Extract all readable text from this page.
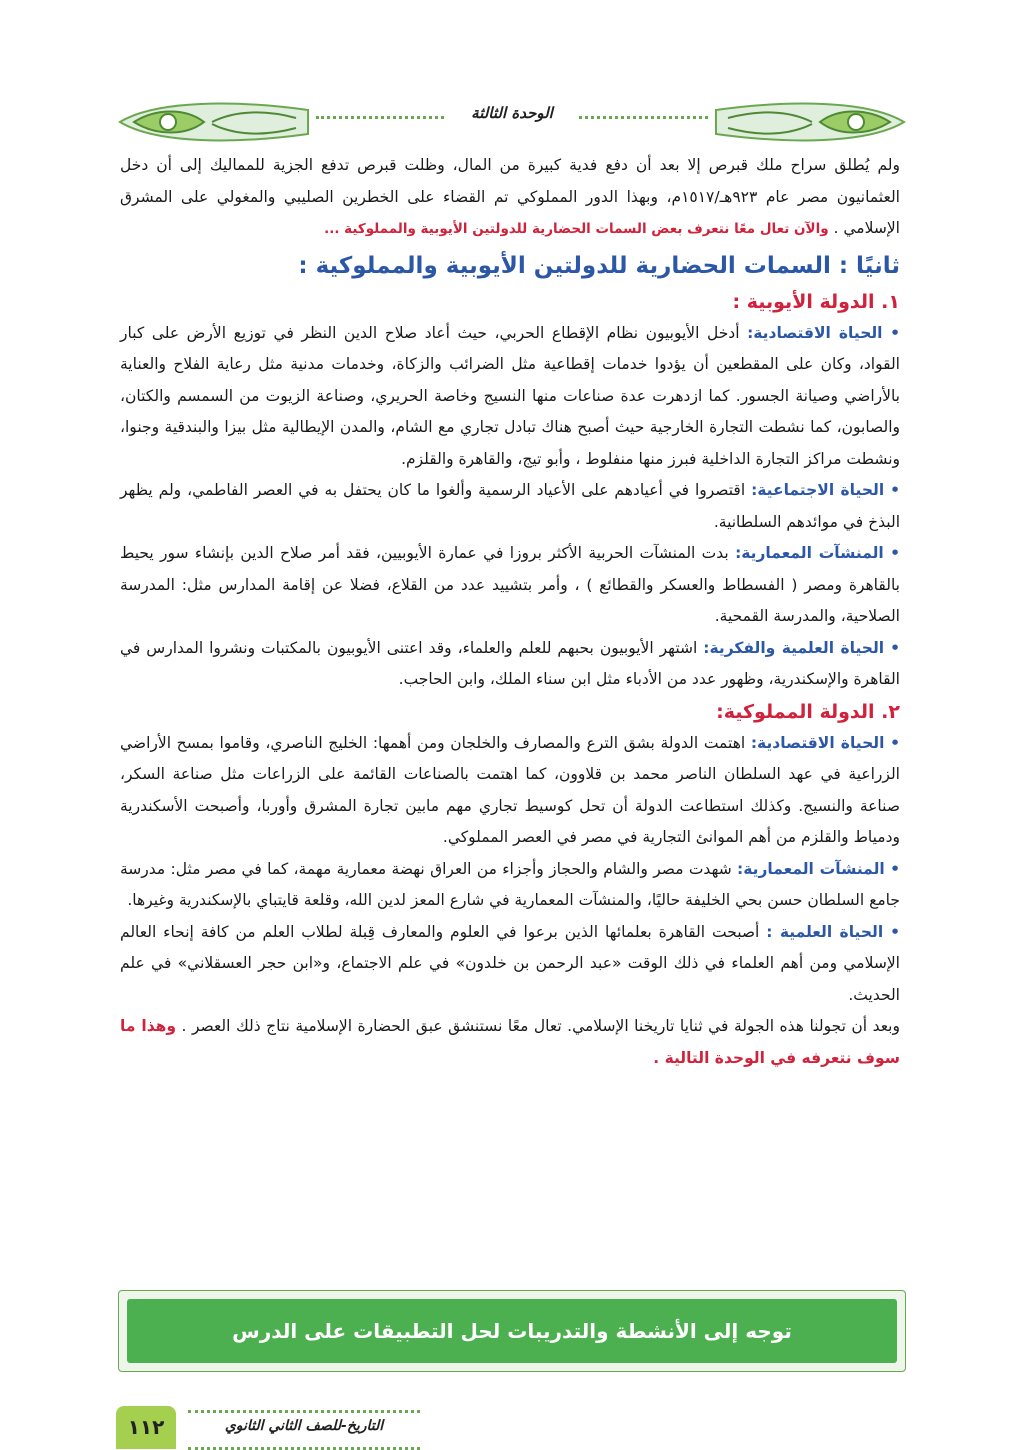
الوحدة الثالثة

ولم يُطلق سراح ملك قبرص إلا بعد أن دفع فدية كبيرة من المال، وظلت قبرص تدفع الجزية للمماليك إلى أن دخل العثمانيون مصر عام ٩٢٣هـ/١٥١٧م، وبهذا الدور المملوكي تم القضاء على الخطرين الصليبي والمغولي على المشرق الإسلامي . والآن تعال معًا نتعرف بعض السمات الحضارية للدولتين الأيوبية والمملوكية ...

ثانيًا : السمات الحضارية للدولتين الأيوبية والمملوكية :
١. الدولة الأيوبية :

• الحياة الاقتصادية: أدخل الأيوبيون نظام الإقطاع الحربي، حيث أعاد صلاح الدين النظر في توزيع الأرض على كبار القواد، وكان على المقطعين أن يؤدوا خدمات إقطاعية مثل الضرائب والزكاة، وخدمات مدنية مثل رعاية الفلاح والعناية بالأراضي وصيانة الجسور. كما ازدهرت عدة صناعات منها النسيج وخاصة الحريري، وصناعة الزيوت من السمسم والكتان، والصابون، كما نشطت التجارة الخارجية حيث أصبح هناك تبادل تجاري مع الشام، والمدن الإيطالية مثل بيزا والبندقية وجنوا، ونشطت مراكز التجارة الداخلية فبرز منها منفلوط ، وأبو تيج، والقاهرة والقلزم.

• الحياة الاجتماعية: اقتصروا في أعيادهم على الأعياد الرسمية وألغوا ما كان يحتفل به في العصر الفاطمي، ولم يظهر البذخ في موائدهم السلطانية.

• المنشآت المعمارية: بدت المنشآت الحربية الأكثر بروزا في عمارة الأيوبيين، فقد أمر صلاح الدين بإنشاء سور يحيط بالقاهرة ومصر ( الفسطاط والعسكر والقطائع ) ، وأمر بتشييد عدد من القلاع، فضلا عن إقامة المدارس مثل: المدرسة الصلاحية، والمدرسة القمحية.

• الحياة العلمية والفكرية: اشتهر الأيوبيون بحبهم للعلم والعلماء، وقد اعتنى الأيوبيون بالمكتبات ونشروا المدارس في القاهرة والإسكندرية، وظهور عدد من الأدباء مثل ابن سناء الملك، وابن الحاجب.

٢. الدولة المملوكية:

• الحياة الاقتصادية: اهتمت الدولة بشق الترع والمصارف والخلجان ومن أهمها: الخليج الناصري، وقاموا بمسح الأراضي الزراعية في عهد السلطان الناصر محمد بن قلاوون، كما اهتمت بالصناعات القائمة على الزراعات مثل صناعة السكر، صناعة والنسيج. وكذلك استطاعت الدولة أن تحل كوسيط تجاري مهم مابين تجارة المشرق وأوربا، وأصبحت الأسكندرية ودمياط والقلزم من أهم الموانئ التجارية في مصر في العصر المملوكي.

• المنشآت المعمارية: شهدت مصر والشام والحجاز وأجزاء من العراق نهضة معمارية مهمة، كما في مصر مثل: مدرسة جامع السلطان حسن بحي الخليفة حاليًا، والمنشآت المعمارية في شارع المعز لدين الله، وقلعة قايتباي بالإسكندرية وغيرها.

• الحياة العلمية : أصبحت القاهرة بعلمائها الذين برعوا في العلوم والمعارف قِبلة لطلاب العلم من كافة إنحاء العالم الإسلامي ومن أهم العلماء في ذلك الوقت «عبد الرحمن بن خلدون» في علم الاجتماع، و«ابن حجر العسقلاني» في علم الحديث.

وبعد أن تجولنا هذه الجولة في ثنايا تاريخنا الإسلامي. تعال معًا نستنشق عبق الحضارة الإسلامية نتاج ذلك العصر . وهذا ما سوف نتعرفه في الوحدة التالية .

توجه إلى الأنشطة والتدريبات لحل التطبيقات على الدرس
التاريخ-للصف الثاني الثانوي
١١٢
